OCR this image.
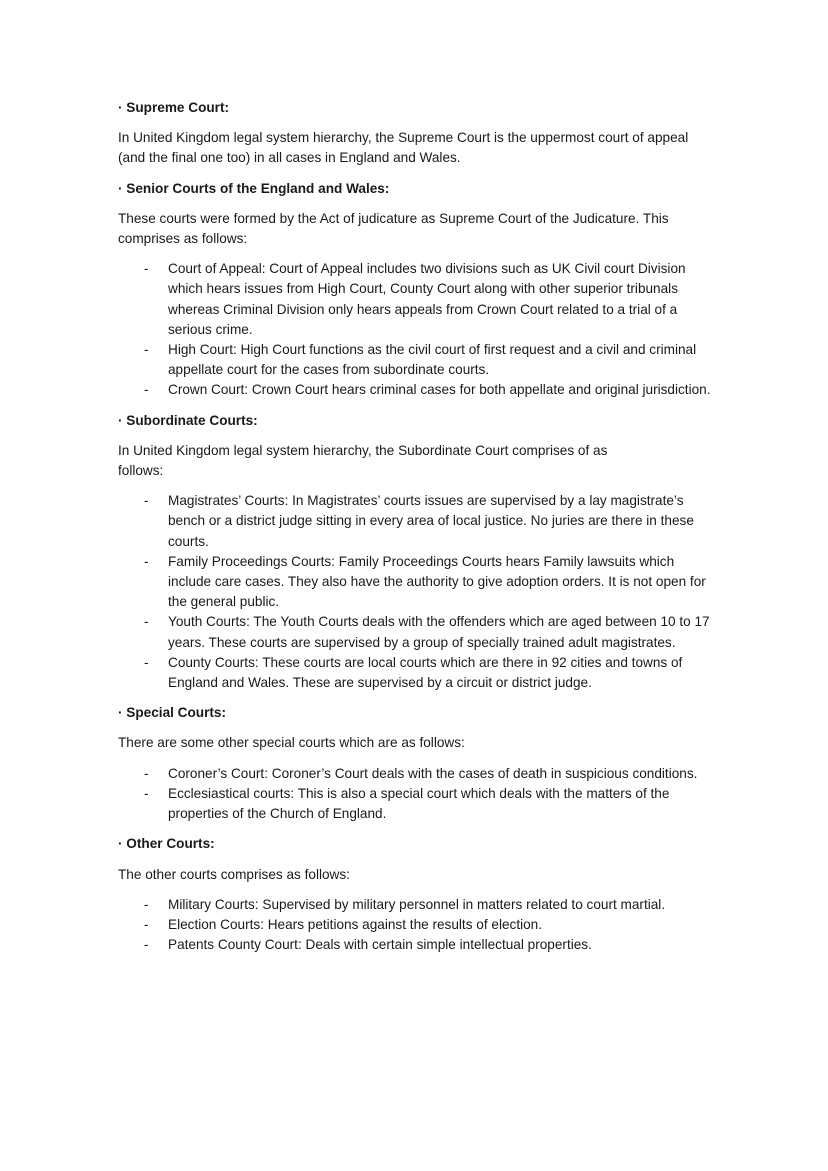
· Supreme Court:

In United Kingdom legal system hierarchy, the Supreme Court is the uppermost court of appeal (and the final one too) in all cases in England and Wales.

· Senior Courts of the England and Wales:

These courts were formed by the Act of judicature as Supreme Court of the Judicature. This comprises as follows:

- Court of Appeal: Court of Appeal includes two divisions such as UK Civil court Division which hears issues from High Court, County Court along with other superior tribunals whereas Criminal Division only hears appeals from Crown Court related to a trial of a serious crime.
- High Court: High Court functions as the civil court of first request and a civil and criminal appellate court for the cases from subordinate courts.
- Crown Court: Crown Court hears criminal cases for both appellate and original jurisdiction.
· Subordinate Courts:

In United Kingdom legal system hierarchy, the Subordinate Court comprises of as follows:

- Magistrates’ Courts: In Magistrates’ courts issues are supervised by a lay magistrate’s bench or a district judge sitting in every area of local justice. No juries are there in these courts.
- Family Proceedings Courts: Family Proceedings Courts hears Family lawsuits which include care cases. They also have the authority to give adoption orders. It is not open for the general public.
- Youth Courts: The Youth Courts deals with the offenders which are aged between 10 to 17 years. These courts are supervised by a group of specially trained adult magistrates.
- County Courts: These courts are local courts which are there in 92 cities and towns of England and Wales. These are supervised by a circuit or district judge.
· Special Courts:

There are some other special courts which are as follows:

- Coroner’s Court: Coroner’s Court deals with the cases of death in suspicious conditions.
- Ecclesiastical courts: This is also a special court which deals with the matters of the properties of the Church of England.
· Other Courts:

The other courts comprises as follows:

- Military Courts: Supervised by military personnel in matters related to court martial.
- Election Courts: Hears petitions against the results of election.
- Patents County Court: Deals with certain simple intellectual properties.
